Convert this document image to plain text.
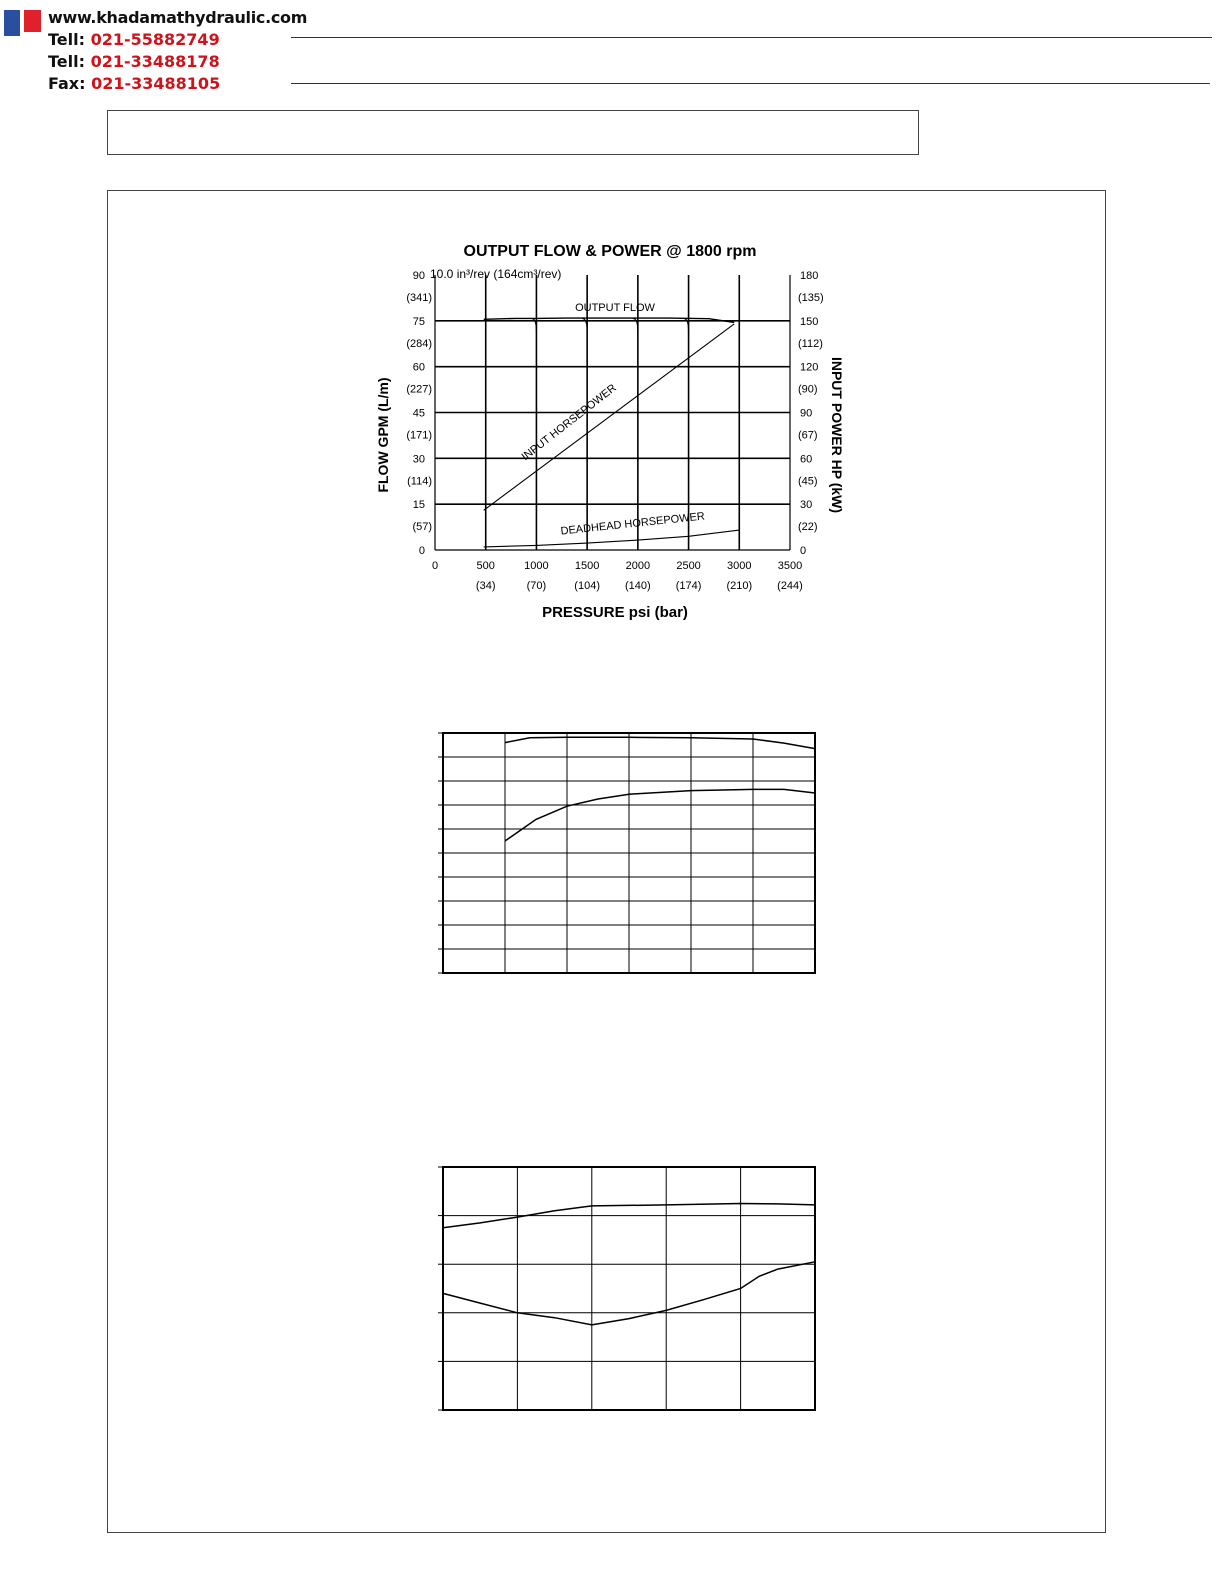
www.khadamathydraulic.com
Tell: 021-55882749
Tell: 021-33488178
Fax: 021-33488105
OUTPUT FLOW & POWER @ 1800 rpm
10.0 in³/rev (164cm³/rev)
FLOW GPM (L/m)	INPUT POWER HP (kW)
PRESSURE psi (bar)
OUTPUT FLOW
INPUT HORSEPOWER
DEADHEAD HORSEPOWER
0	500
(34)
1000
(70)
1500
(104)
2000
(140)
2500
(174)
3000
(210)
3500
(244)
0
15
(57)
30
(114)
45
(171)
60
(227)
75
(284)
90
(341)
0
30
(22)
60
(45)
90
(67)
120
(90)
150
(112)
180
(135)
